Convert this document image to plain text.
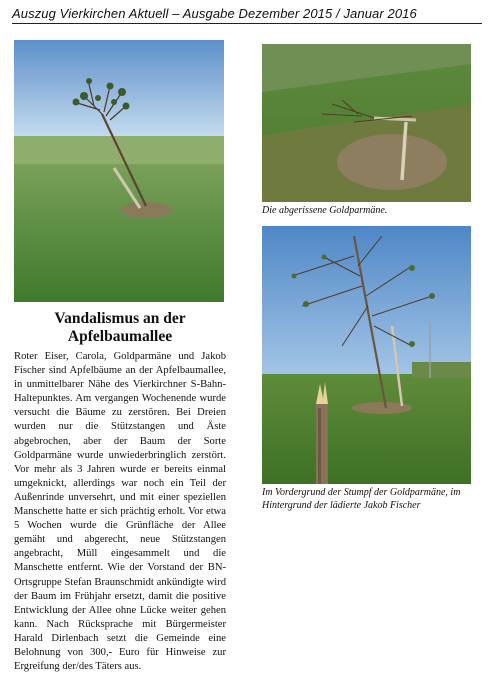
Auszug Vierkirchen Aktuell – Ausgabe Dezember 2015 / Januar 2016
Die abgerissene Goldparmäne.
Im Vordergrund der Stumpf der Goldparmäne, im Hintergrund der lädierte Jakob Fischer
Vandalismus an der
Apfelbaumallee
Roter Eiser, Carola, Goldparmäne und Jakob Fischer sind Apfelbäume an der Apfelbaumallee, in unmittelbarer Nähe des Vierkirchner S-Bahn-Haltepunktes. Am vergangen Wochenende wurde versucht die Bäume zu zerstören. Bei Dreien wurden nur die Stützstangen und Äste abgebrochen, aber der Baum der Sorte Goldparmäne wurde unwiederbringlich zerstört. Vor mehr als 3 Jahren wurde er bereits einmal umgeknickt, allerdings war noch ein Teil der Außenrinde unversehrt, und mit einer speziellen Manschette hatte er sich prächtig erholt. Vor etwa 5 Wochen wurde die Grünfläche der Allee gemäht und abgerecht, neue Stützstangen angebracht, Müll eingesammelt und die Manschette entfernt. Wie der Vorstand der BN-Ortsgruppe Stefan Braunschmidt ankündigte wird der Baum im Frühjahr ersetzt, damit die positive Entwicklung der Allee ohne Lücke weiter gehen kann. Nach Rücksprache mit Bürgermeister Harald Dirlenbach setzt die Gemeinde eine Belohnung von 300,- Euro für Hinweise zur Ergreifung der/des Täters aus.
